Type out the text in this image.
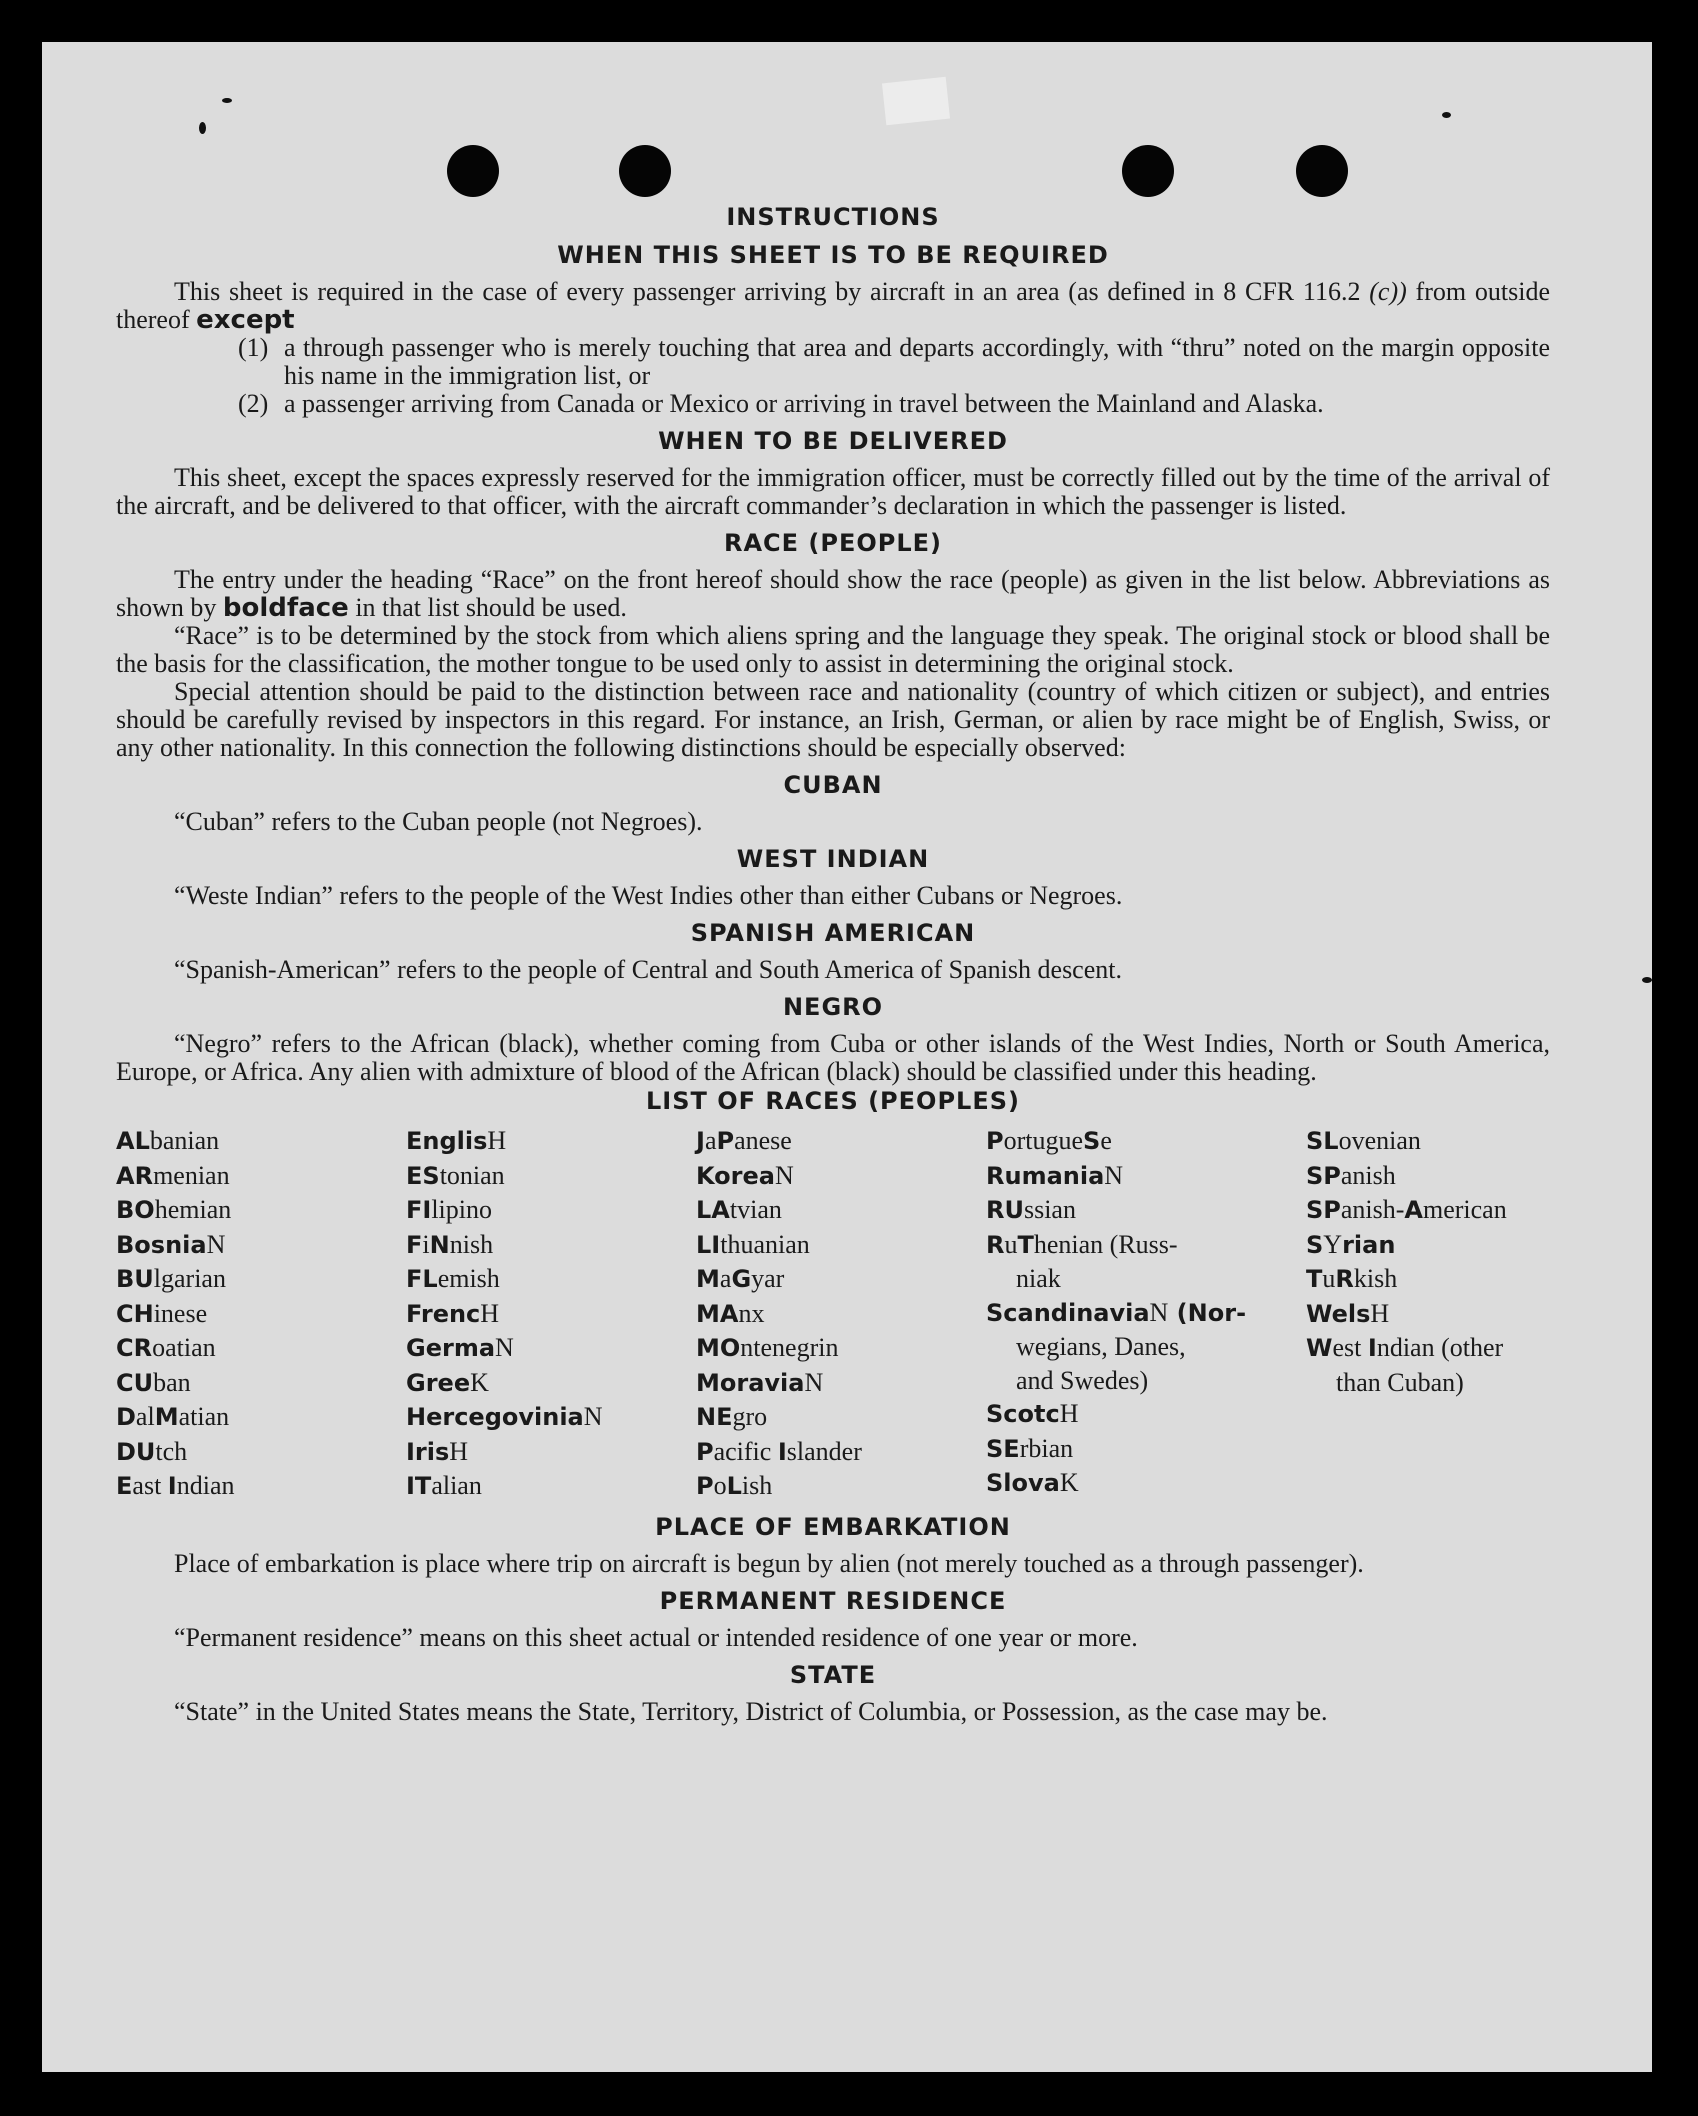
INSTRUCTIONS
WHEN THIS SHEET IS TO BE REQUIRED

This sheet is required in the case of every passenger arriving by aircraft in an area (as defined in 8 CFR 116.2 (c)) from outside thereof except

(1) a through passenger who is merely touching that area and departs accordingly, with “thru” noted on the margin opposite his name in the immigration list, or
(2) a passenger arriving from Canada or Mexico or arriving in travel between the Mainland and Alaska.
WHEN TO BE DELIVERED

This sheet, except the spaces expressly reserved for the immigration officer, must be correctly filled out by the time of the arrival of the aircraft, and be delivered to that officer, with the aircraft commander’s declaration in which the passenger is listed.

RACE (PEOPLE)

The entry under the heading “Race” on the front hereof should show the race (people) as given in the list below. Abbreviations as shown by boldface in that list should be used.

“Race” is to be determined by the stock from which aliens spring and the language they speak. The original stock or blood shall be the basis for the classification, the mother tongue to be used only to assist in determining the original stock.

Special attention should be paid to the distinction between race and nationality (country of which citizen or subject), and entries should be carefully revised by inspectors in this regard. For instance, an Irish, German, or alien by race might be of English, Swiss, or any other nationality. In this connection the following distinctions should be especially observed:

CUBAN

“Cuban” refers to the Cuban people (not Negroes).

WEST INDIAN

“Weste Indian” refers to the people of the West Indies other than either Cubans or Negroes.

SPANISH AMERICAN

“Spanish-American” refers to the people of Central and South America of Spanish descent.

NEGRO

“Negro” refers to the African (black), whether coming from Cuba or other islands of the West Indies, North or South America, Europe, or Africa. Any alien with admixture of blood of the African (black) should be classified under this heading.

LIST OF RACES (PEOPLES)
ALbanian
ARmenian
BOhemian
BosniaN
BUlgarian
CHinese
CRoatian
CUban
DalMatian
DUtch
East Indian
EnglisH
EStonian
FIlipino
FiNnish
FLemish
FrencH
GermaN
GreeK
HercegoviniaN
IrisH
ITalian
JaPanese
KoreaN
LAtvian
LIthuanian
MaGyar
MAnx
MOntenegrin
MoraviaN
NEgro
Pacific Islander
PoLish
PortugueSe
RumaniaN
RUssian
RuThenian (Russ-
niak
ScandinaviaN (Nor-
wegians, Danes,
and Swedes)
ScotcH
SErbian
SlovaK
SLovenian
SPanish
SPanish-American
SYrian
TuRkish
WelsH
West Indian (other
than Cuban)
PLACE OF EMBARKATION

Place of embarkation is place where trip on aircraft is begun by alien (not merely touched as a through passenger).

PERMANENT RESIDENCE

“Permanent residence” means on this sheet actual or intended residence of one year or more.

STATE

“State” in the United States means the State, Territory, District of Columbia, or Possession, as the case may be.
